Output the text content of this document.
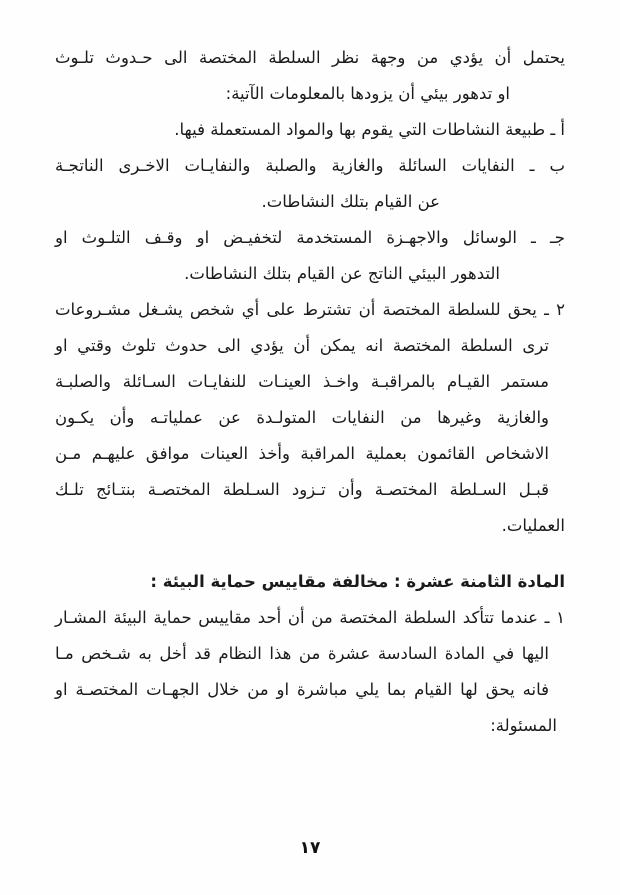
يحتمل أن يؤدي من وجهة نظر السلطة المختصة الى حـدوث تلـوث
او تدهور بيئي أن يزودها بالمعلومات الآتية:
أ ـ طبيعة النشاطات التي يقوم بها والمواد المستعملة فيها.
ب ـ النفايات السائلة والغازية والصلبة والنفايـات الاخـرى الناتجـة
عن القيام بتلك النشاطات.
جـ ـ الوسائل والاجهـزة المستخدمة لتخفيـض او وقـف التلـوث او
التدهور البيئي الناتج عن القيام بتلك النشاطات.
٢ ـ يحق للسلطة المختصة أن تشترط على أي شخص يشـغل مشـروعات
ترى السلطة المختصة انه يمكن أن يؤدي الى حدوث تلوث وقتي او
مستمر القيـام بالمراقبـة واخـذ العينـات للنفايـات السـائلة والصلبـة
والغازية وغيرها من النفايات المتولـدة عن عملياتـه وأن يكـون
الاشخاص القائمون بعملية المراقبة وأخذ العينات موافق عليهـم مـن
قبـل السـلطة المختصـة وأن تـزود السـلطة المختصـة بنتـائج تلـك
العمليات.
المادة الثامنة عشرة : مخالفة مقاييس حماية البيئة :
١ ـ عندما تتأكد السلطة المختصة من أن أحد مقاييس حماية البيئة المشـار
اليها في المادة السادسة عشرة من هذا النظام قد أخل به شـخص مـا
فانه يحق لها القيام بما يلي مباشرة او من خلال الجهـات المختصـة او
المسئولة:
١٧
